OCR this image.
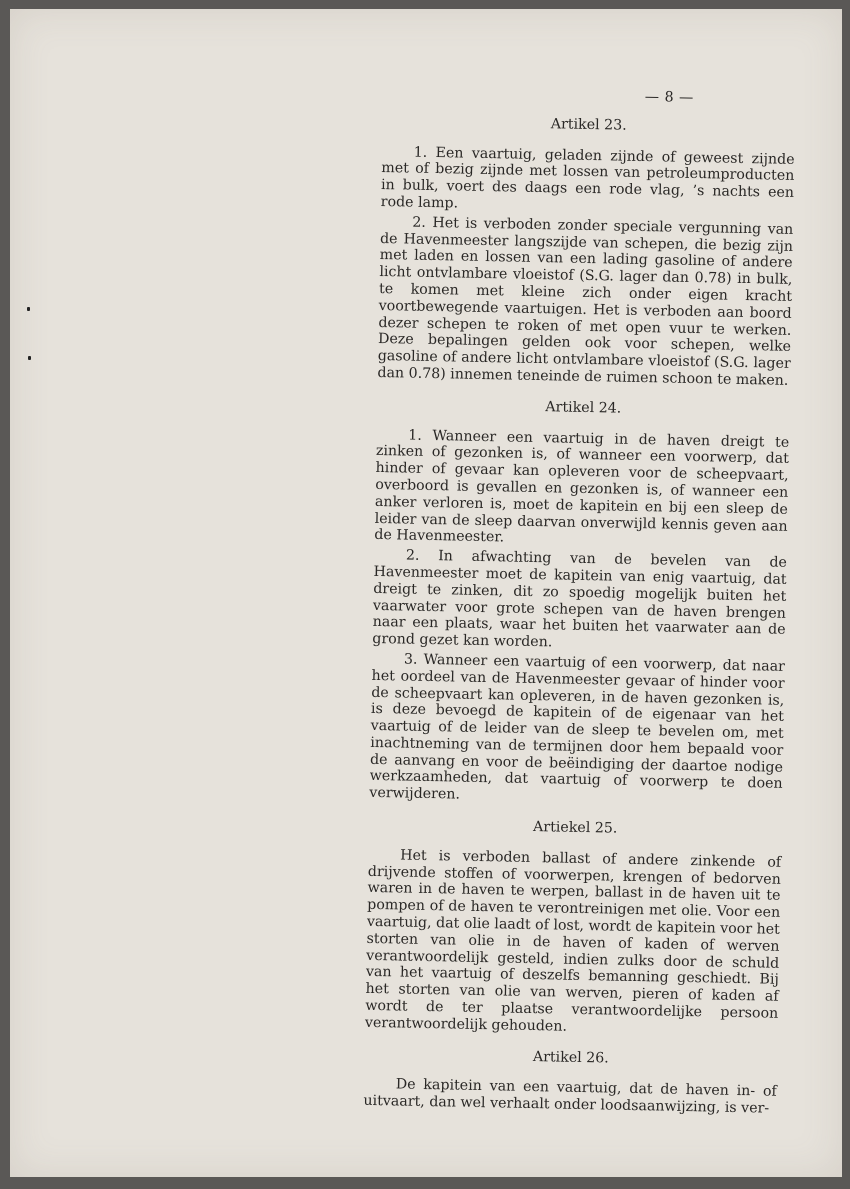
— 8 —
Artikel 23.

1. Een vaartuig, geladen zijnde of geweest zijnde met of bezig zijnde met lossen van petroleumproducten in bulk, voert des daags een rode vlag, ’s nachts een rode lamp.

2. Het is verboden zonder speciale vergunning van de Havenmeester langszijde van schepen, die bezig zijn met laden en lossen van een lading gasoline of andere licht ontvlambare vloeistof (S.G. lager dan 0.78) in bulk, te komen met kleine zich onder eigen kracht voortbewegende vaartuigen. Het is verboden aan boord dezer schepen te roken of met open vuur te werken. Deze bepalingen gelden ook voor schepen, welke gasoline of andere licht ontvlambare vloeistof (S.G. lager dan 0.78) innemen teneinde de ruimen schoon te maken.

Artikel 24.

1. Wanneer een vaartuig in de haven dreigt te zinken of gezonken is, of wanneer een voorwerp, dat hinder of gevaar kan opleveren voor de scheepvaart, overboord is gevallen en gezonken is, of wanneer een anker verloren is, moet de kapitein en bij een sleep de leider van de sleep daarvan onverwijld kennis geven aan de Havenmeester.

2. In afwachting van de bevelen van de Havenmeester moet de kapitein van enig vaartuig, dat dreigt te zinken, dit zo spoedig mogelijk buiten het vaarwater voor grote schepen van de haven brengen naar een plaats, waar het buiten het vaarwater aan de grond gezet kan worden.

3. Wanneer een vaartuig of een voorwerp, dat naar het oordeel van de Havenmeester gevaar of hinder voor de scheepvaart kan opleveren, in de haven gezonken is, is deze bevoegd de kapitein of de eigenaar van het vaartuig of de leider van de sleep te bevelen om, met inachtneming van de termijnen door hem bepaald voor de aanvang en voor de beëindiging der daartoe nodige werkzaamheden, dat vaartuig of voorwerp te doen verwijderen.

Artiekel 25.

Het is verboden ballast of andere zinkende of drijvende stoffen of voorwerpen, krengen of bedorven waren in de haven te werpen, ballast in de haven uit te pompen of de haven te verontreinigen met olie. Voor een vaartuig, dat olie laadt of lost, wordt de kapitein voor het storten van olie in de haven of kaden of werven verantwoordelijk gesteld, indien zulks door de schuld van het vaartuig of deszelfs bemanning geschiedt. Bij het storten van olie van werven, pieren of kaden af wordt de ter plaatse verantwoordelijke persoon verantwoordelijk gehouden.

Artikel 26.

De kapitein van een vaartuig, dat de haven in- of uitvaart, dan wel verhaalt onder loodsaanwijzing, is ver-
